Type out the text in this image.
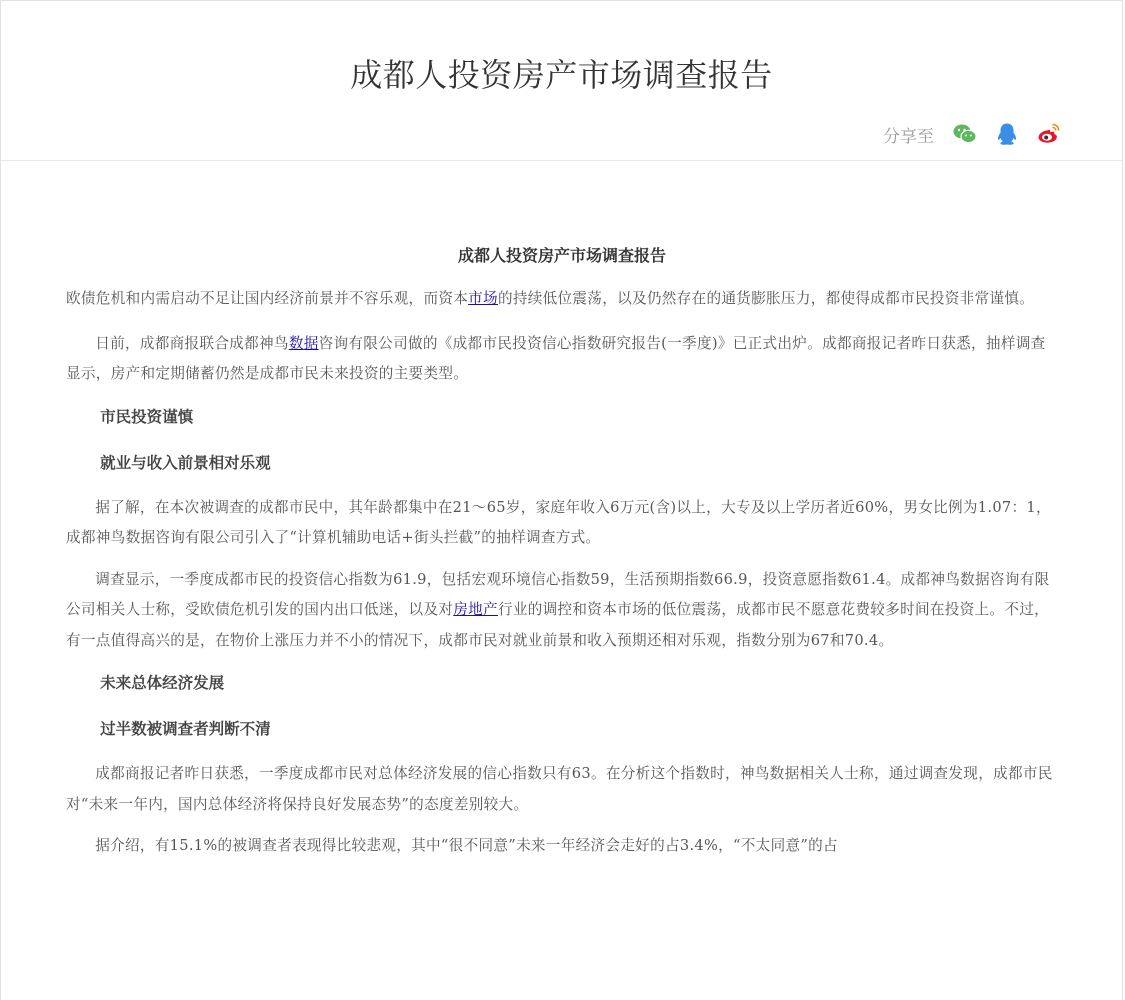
成都人投资房产市场调查报告
分享至
成都人投资房产市场调查报告

欧债危机和内需启动不足让国内经济前景并不容乐观，而资本市场的持续低位震荡，以及仍然存在的通货膨胀压力，都使得成都市民投资非常谨慎。

日前，成都商报联合成都神鸟数据咨询有限公司做的《成都市民投资信心指数研究报告(一季度)》已正式出炉。成都商报记者昨日获悉，抽样调查显示，房产和定期储蓄仍然是成都市民未来投资的主要类型。

市民投资谨慎
就业与收入前景相对乐观

据了解，在本次被调查的成都市民中，其年龄都集中在21～65岁，家庭年收入6万元(含)以上，大专及以上学历者近60%，男女比例为1.07：1，成都神鸟数据咨询有限公司引入了“计算机辅助电话+街头拦截”的抽样调查方式。

调查显示，一季度成都市民的投资信心指数为61.9，包括宏观环境信心指数59，生活预期指数66.9，投资意愿指数61.4。成都神鸟数据咨询有限公司相关人士称，受欧债危机引发的国内出口低迷，以及对房地产行业的调控和资本市场的低位震荡，成都市民不愿意花费较多时间在投资上。不过，有一点值得高兴的是，在物价上涨压力并不小的情况下，成都市民对就业前景和收入预期还相对乐观，指数分别为67和70.4。

未来总体经济发展
过半数被调查者判断不清

成都商报记者昨日获悉，一季度成都市民对总体经济发展的信心指数只有63。在分析这个指数时，神鸟数据相关人士称，通过调查发现，成都市民对“未来一年内，国内总体经济将保持良好发展态势”的态度差别较大。

据介绍，有15.1%的被调查者表现得比较悲观，其中“很不同意”未来一年经济会走好的占3.4%，“不太同意”的占
